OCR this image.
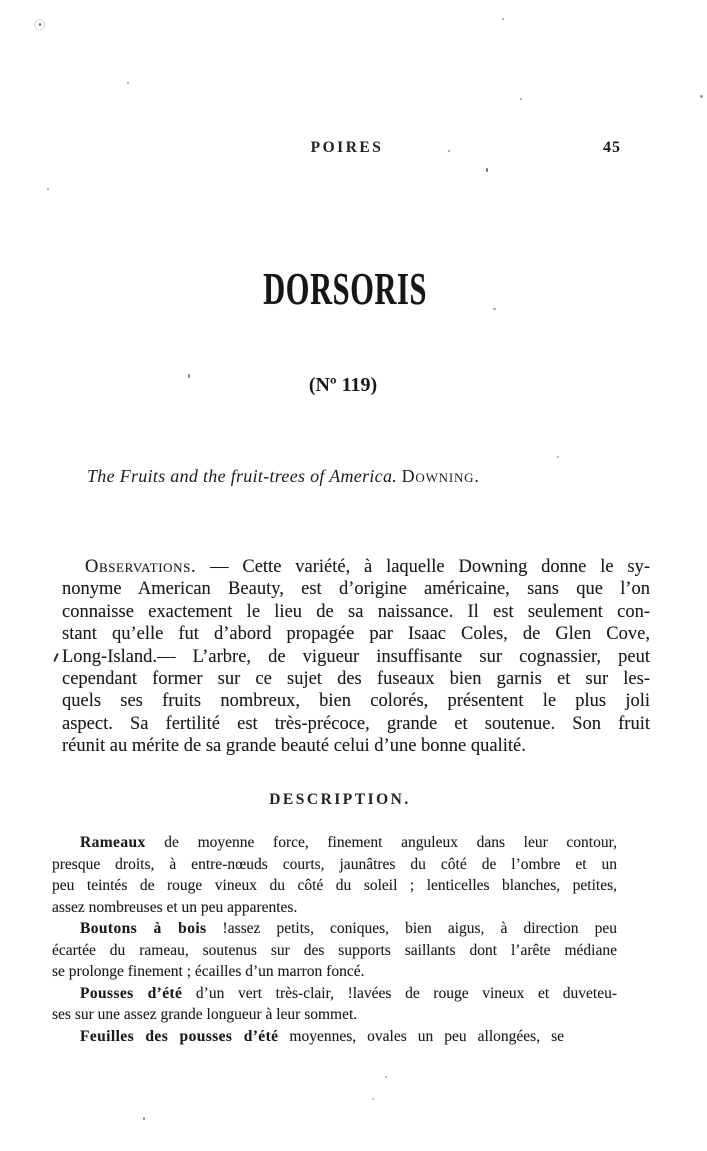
POIRES	45
DORSORIS
(Nº 119)
The Fruits and the fruit-trees of America. Downing.
Observations. — Cette variété, à laquelle Downing donne le sy-
nonyme American Beauty, est d’origine américaine, sans que l’on
connaisse exactement le lieu de sa naissance. Il est seulement con-
stant qu’elle fut d’abord propagée par Isaac Coles, de Glen Cove,
Long-Island.— L’arbre, de vigueur insuffisante sur cognassier, peut
cependant former sur ce sujet des fuseaux bien garnis et sur les-
quels ses fruits nombreux, bien colorés, présentent le plus joli
aspect. Sa fertilité est très-précoce, grande et soutenue. Son fruit
réunit au mérite de sa grande beauté celui d’une bonne qualité.
DESCRIPTION.
Rameaux de moyenne force, finement anguleux dans leur contour,
presque droits, à entre-nœuds courts, jaunâtres du côté de l’ombre et un
peu teintés de rouge vineux du côté du soleil ; lenticelles blanches, petites,
assez nombreuses et un peu apparentes.
Boutons à bois !assez petits, coniques, bien aigus, à direction peu
écartée du rameau, soutenus sur des supports saillants dont l’arête médiane
se prolonge finement ; écailles d’un marron foncé.
Pousses d’été d’un vert très-clair, !lavées de rouge vineux et duveteu-
ses sur une assez grande longueur à leur sommet.
Feuilles des pousses d’été moyennes, ovales un peu allongées, se
